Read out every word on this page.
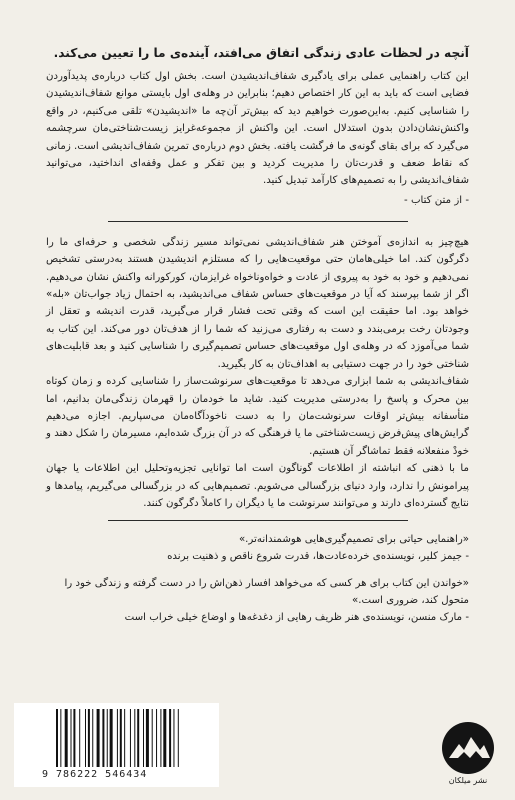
آنچه در لحظات عادی زندگی اتفاق می‌افتد، آینده‌ی ما را تعیین می‌کند.

این کتاب راهنمایی عملی برای یادگیری شفاف‌اندیشیدن است. بخش اول کتاب درباره‌ی پدیدآوردن فضایی است که باید به این کار اختصاص دهیم؛ بنابراین در وهله‌ی اول بایستی موانع شفاف‌اندیشیدن را شناسایی کنیم. به‌این‌صورت خواهیم دید که بیش‌تر آن‌چه ما «اندیشیدن» تلقی می‌کنیم، در واقع واکنش‌نشان‌دادن بدون استدلال است. این واکنش از مجموعه‌غرایز زیست‌شناختی‌مان سرچشمه می‌گیرد که برای بقای گونه‌ی ما فرگشت یافته. بخش دوم درباره‌ی تمرین شفاف‌اندیشی است. زمانی که نقاط ضعف و قدرت‌تان را مدیریت کردید و بین تفکر و عمل وقفه‌ای انداختید، می‌توانید شفاف‌اندیشی را به تصمیم‌های کارآمد تبدیل کنید.

- از متن کتاب -

هیچ‌چیز به اندازه‌ی آموختن هنر شفاف‌اندیشی نمی‌تواند مسیر زندگی شخصی و حرفه‌ای ما را دگرگون کند. اما خیلی‌هامان حتی موقعیت‌هایی را که مستلزم اندیشیدن هستند به‌درستی تشخیص نمی‌دهیم و خود به خود به پیروی از عادت و خواه‌وناخواه غرایزمان، کورکورانه واکنش نشان می‌دهیم. اگر از شما بپرسند که آیا در موقعیت‌های حساس شفاف می‌اندیشید، به احتمال زیاد جواب‌تان «بله» خواهد بود. اما حقیقت این است که وقتی تحت فشار قرار می‌گیرید، قدرت اندیشه و تعقل از وجودتان رخت برمی‌بندد و دست به رفتاری می‌زنید که شما را از هدف‌تان دور می‌کند. این کتاب به شما می‌آموزد که در وهله‌ی اول موقعیت‌های حساس تصمیم‌گیری را شناسایی کنید و بعد قابلیت‌های شناختی خود را در جهت دستیابی به اهداف‌تان به کار بگیرید.

شفاف‌اندیشی به شما ابزاری می‌دهد تا موقعیت‌های سرنوشت‌ساز را شناسایی کرده و زمان کوتاه بین محرک و پاسخ را به‌درستی مدیریت کنید. شاید ما خودمان را قهرمان زندگی‌مان بدانیم، اما متأسفانه بیش‌تر اوقات سرنوشت‌مان را به دست ناخودآگاه‌مان می‌سپاریم. اجازه می‌دهیم گرایش‌های پیش‌فرض زیست‌شناختی ما یا فرهنگی که در آن بزرگ شده‌ایم، مسیرمان را شکل دهند و خودْ منفعلانه فقط تماشاگر آن هستیم.

ما با ذهنی که انباشته از اطلاعات گوناگون است اما توانایی تجزیه‌وتحلیل این اطلاعات یا جهان پیرامونش را ندارد، وارد دنیای بزرگسالی می‌شویم. تصمیم‌هایی که در بزرگسالی می‌گیریم، پیامدها و نتایج گسترده‌ای دارند و می‌توانند سرنوشت ما یا دیگران را کاملاً دگرگون کنند.

«راهنمایی حیاتی برای تصمیم‌گیری‌هایی هوشمندانه‌تر.»

- جیمز کلیر، نویسنده‌ی خرده‌عادت‌ها، قدرت شروع ناقص و ذهنیت برنده

«خواندن این کتاب برای هر کسی که می‌خواهد افسار ذهن‌اش را در دست گرفته و زندگی خود را متحول کند، ضروری است.»

- مارک منسن، نویسنده‌ی هنر ظریف رهایی از دغدغه‌ها و اوضاع خیلی خراب است

9 786222 546434
نشر میلکان
